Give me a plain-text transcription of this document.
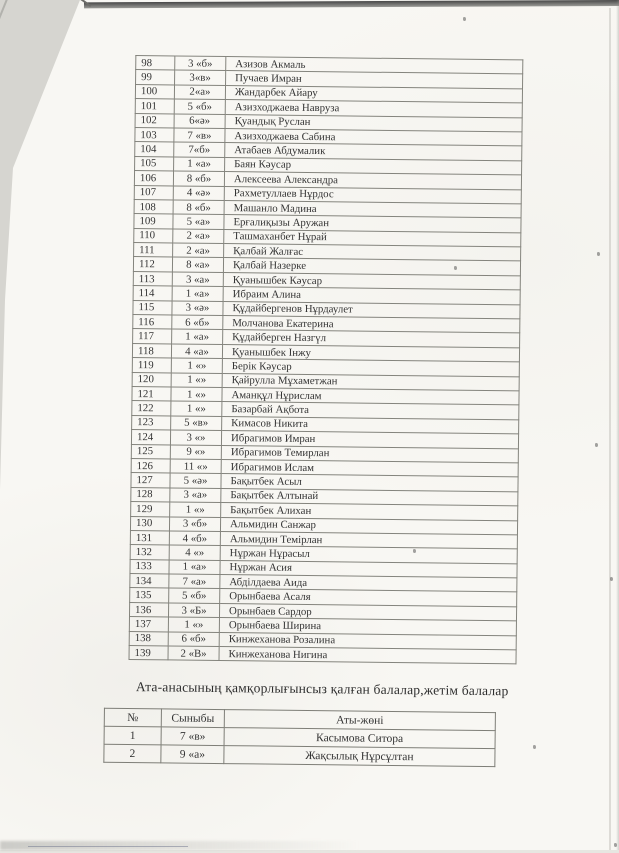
98	3 «б»	Азизов Акмаль
99	3«в»	Пучаев Имран
100	2«а»	Жандарбек Айару
101	5 «б»	Азизходжаева Навруза
102	6«ә»	Қуандық Руслан
103	7 «в»	Азизходжаева Сабина
104	7«б»	Атабаев Абдумалик
105	1 «а»	Баян Кәусар
106	8 «б»	Алексеева Александра
107	4 «ә»	Рахметуллаев Нұрдос
108	8 «б»	Машанло Мадина
109	5 «а»	Ерғалиқызы Аружан
110	2 «а»	Ташмаханбет Нұрай
111	2 «а»	Қалбай Жалғас
112	8 «а»	Қалбай Назерке
113	3 «а»	Қуанышбек Кәусар
114	1 «а»	Ибраим Алина
115	3 «ә»	Құдайбергенов Нұрдаулет
116	6 «б»	Молчанова Екатерина
117	1 «а»	Құдайберген Назгүл
118	4 «а»	Қуанышбек Інжу
119	1 «»	Берік Кәусар
120	1 «»	Қайрулла Мұхаметжан
121	1 «»	Аманқұл Нұрислам
122	1 «»	Базарбай Ақбота
123	5 «в»	Кимасов Никита
124	3 «»	Ибрагимов Имран
125	9 «»	Ибрагимов Темирлан
126	11 «»	Ибрагимов Ислам
127	5 «ә»	Бақытбек Асыл
128	3 «а»	Бақытбек Алтынай
129	1 «»	Бақытбек Алихан
130	3 «б»	Альмидин Санжар
131	4 «б»	Альмидин Темірлан
132	4 «»	Нұржан Нұрасыл
133	1 «а»	Нұржан Асия
134	7 «а»	Абділдаева Аида
135	5 «б»	Орынбаева Асаля
136	3 «Б»	Орынбаев Сардор
137	1 «»	Орынбаева Ширина
138	6 «б»	Кинжеханова Розалина
139	2 «В»	Кинжеханова Нигина
Ата-анасының қамқорлығынсыз қалған балалар,жетім балалар
№	Сыныбы	Аты-жөні
1	7 «в»	Касымова Ситора
2	9 «а»	Жақсылық Нұрсұлтан
